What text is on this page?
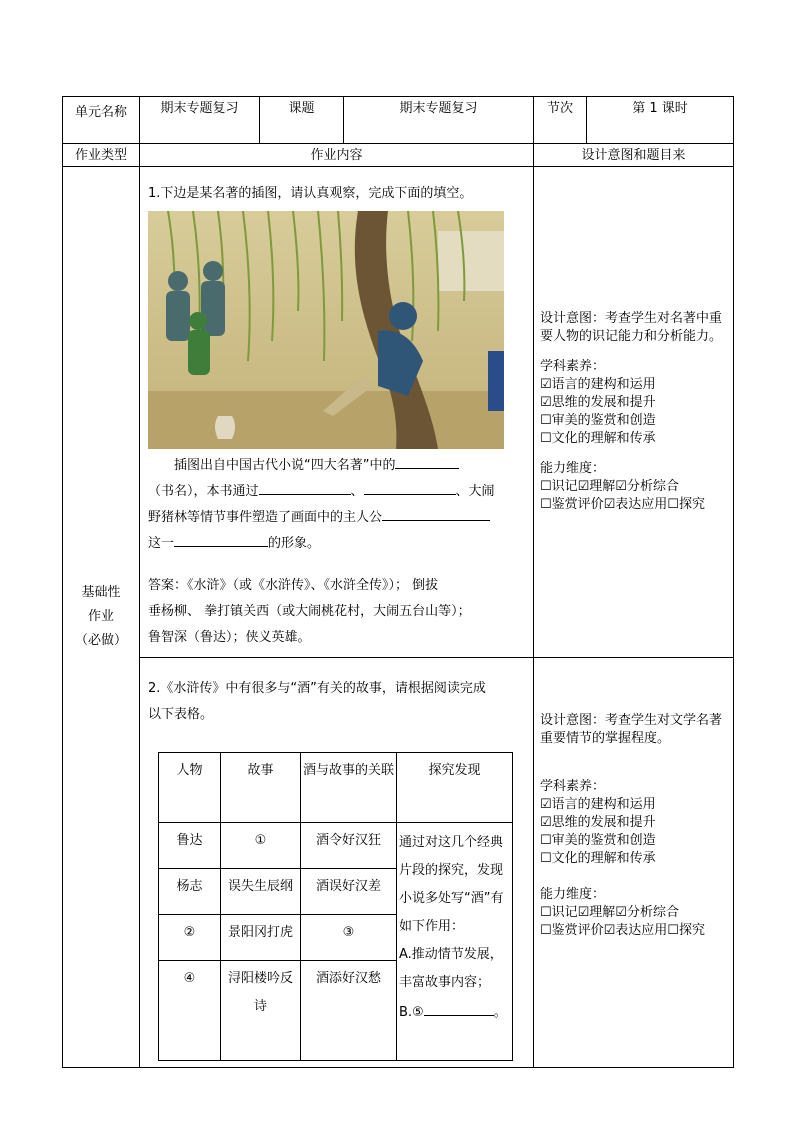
单元名称	期末专题复习	课题	期末专题复习	节次	第 1 课时
作业类型	作业内容	设计意图和题目来

基础性
作业
（必做）

1.下边是某名著的插图，请认真观察，完成下面的填空。

插图出自中国古代小说“四大名著”中的

（书名），本书通过	、	、大闹

野猪林等情节事件塑造了画面中的主人公

这一	的形象。

答案：《水浒》（或《水浒传》、《水浒全传》）； 倒拔

垂杨柳、 拳打镇关西（或大闹桃花村，大闹五台山等）；

鲁智深（鲁达）；侠义英雄。

设计意图：考查学生对名著中重要人物的识记能力和分析能力。

学科素养：

☑语言的建构和运用

☑思维的发展和提升

☐审美的鉴赏和创造

☐文化的理解和传承

能力维度：

☐识记☑理解☑分析综合

☐鉴赏评价☑表达应用☐探究

2.《水浒传》中有很多与“酒”有关的故事，请根据阅读完成

以下表格。

人物	故事	酒与故事的关联	探究发现
鲁达	①	酒令好汉狂	通过对这几个经典片段的探究，发现小说多处写“酒”有如下作用：
A.推动情节发展，丰富故事内容；
B.⑤	。

杨志	误失生辰纲	酒误好汉差
②	景阳冈打虎	③
④	浔阳楼吟反诗	酒添好汉愁

设计意图：考查学生对文学名著重要情节的掌握程度。

学科素养：

☑语言的建构和运用

☑思维的发展和提升

☐审美的鉴赏和创造

☐文化的理解和传承

能力维度：

☐识记☑理解☑分析综合

☐鉴赏评价☑表达应用☐探究
